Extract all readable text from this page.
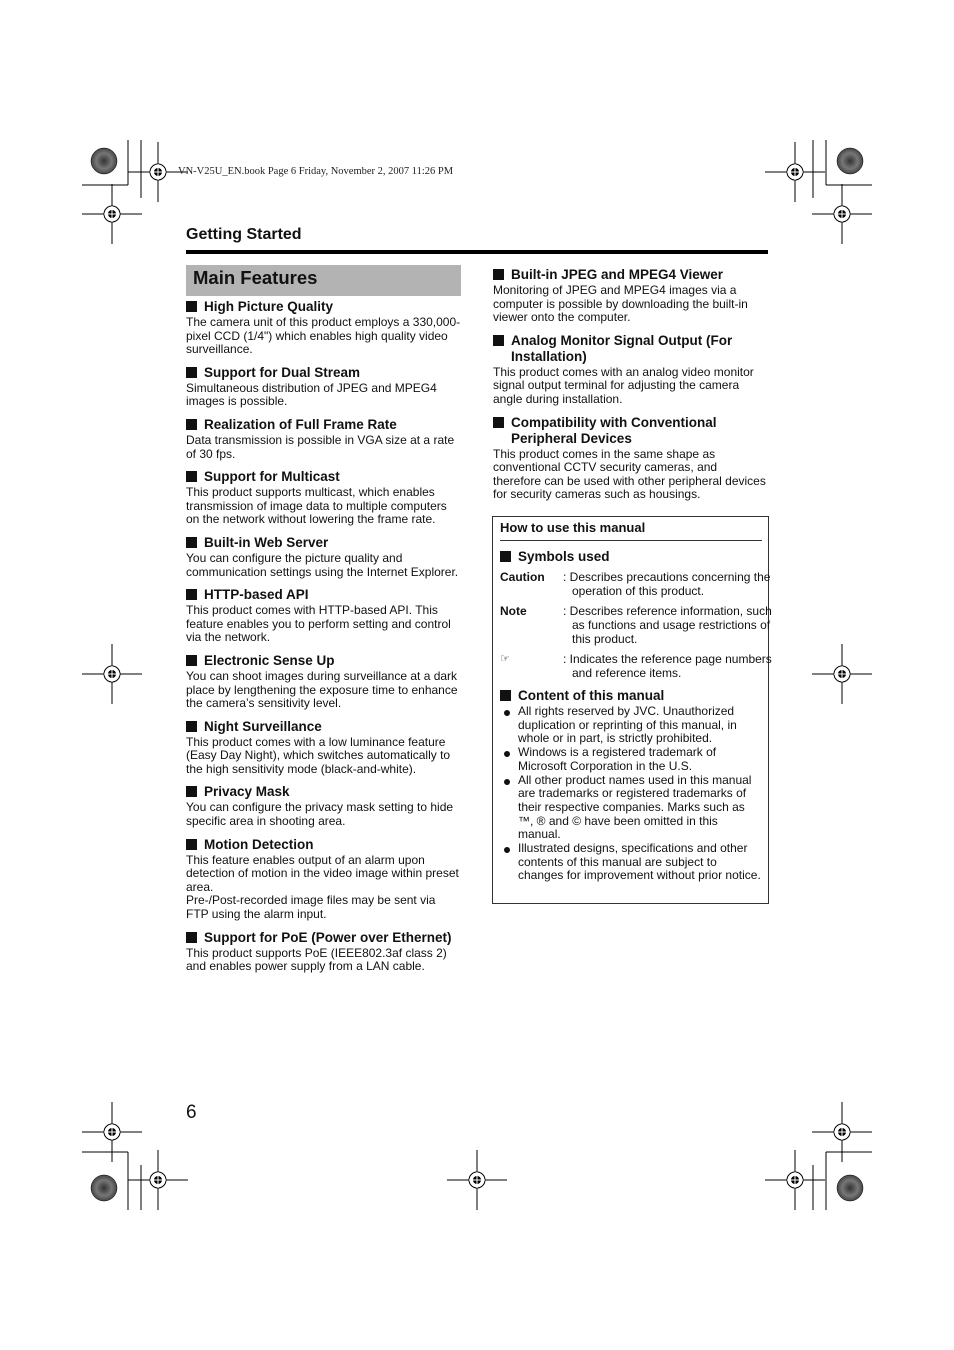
VN-V25U_EN.book Page 6 Friday, November 2, 2007 11:26 PM
Getting Started
Main Features
High Picture Quality
The camera unit of this product employs a 330,000-pixel CCD (1/4") which enables high quality video surveillance.
Support for Dual Stream
Simultaneous distribution of JPEG and MPEG4 images is possible.
Realization of Full Frame Rate
Data transmission is possible in VGA size at a rate of 30 fps.
Support for Multicast
This product supports multicast, which enables transmission of image data to multiple computers on the network without lowering the frame rate.
Built-in Web Server
You can configure the picture quality and communication settings using the Internet Explorer.
HTTP-based API
This product comes with HTTP-based API. This feature enables you to perform setting and control via the network.
Electronic Sense Up
You can shoot images during surveillance at a dark place by lengthening the exposure time to enhance the camera’s sensitivity level.
Night Surveillance
This product comes with a low luminance feature (Easy Day Night), which switches automatically to the high sensitivity mode (black-and-white).
Privacy Mask
You can configure the privacy mask setting to hide specific area in shooting area.
Motion Detection
This feature enables output of an alarm upon detection of motion in the video image within preset area.
Pre-/Post-recorded image files may be sent via FTP using the alarm input.
Support for PoE (Power over Ethernet)
This product supports PoE (IEEE802.3af class 2) and enables power supply from a LAN cable.
Built-in JPEG and MPEG4 Viewer
Monitoring of JPEG and MPEG4 images via a computer is possible by downloading the built-in viewer onto the computer.
Analog Monitor Signal Output (For Installation)
This product comes with an analog video monitor signal output terminal for adjusting the camera angle during installation.
Compatibility with Conventional Peripheral Devices
This product comes in the same shape as conventional CCTV security cameras, and therefore can be used with other peripheral devices for security cameras such as housings.
How to use this manual
Symbols used
Caution : Describes precautions concerning the operation of this product.
Note	: Describes reference information, such as functions and usage restrictions of this product.
☞	: Indicates the reference page numbers and reference items.
Content of this manual
All rights reserved by JVC. Unauthorized duplication or reprinting of this manual, in whole or in part, is strictly prohibited.
Windows is a registered trademark of Microsoft Corporation in the U.S.
All other product names used in this manual are trademarks or registered trademarks of their respective companies. Marks such as ™, ® and © have been omitted in this manual.
Illustrated designs, specifications and other contents of this manual are subject to changes for improvement without prior notice.
6
